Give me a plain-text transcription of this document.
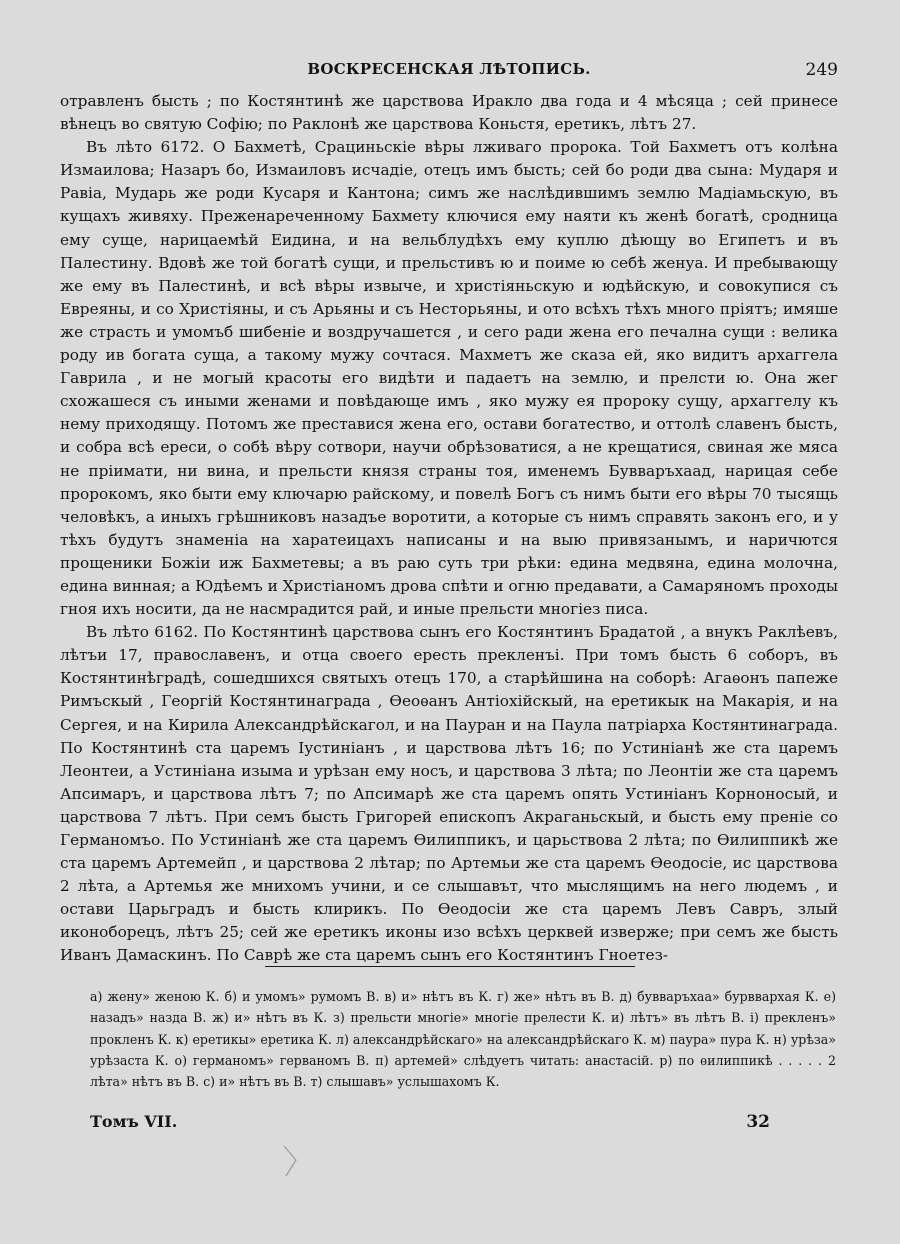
ВОСКРЕСЕНСКАЯ ЛѢТОПИСЬ.	249

отравленъ бысть ; по Костянтинѣ же царствова Иракло два года и 4 мѣсяца ; сей принесе вѣнецъ во святую Софію; по Раклонѣ же царствова Коньстя, еретикъ, лѣтъ 27.

Въ лѣто 6172. О Бахметѣ, Срациньскіе вѣры лживаго пророка. Той Бахметъ отъ колѣна Измаилова; Назаръ бо, Измаиловъ исчадіе, отецъ имъ бысть; сей бо роди два сына: Мударя и Равіа, Мударь же роди Кусаря и Кантона; симъ же наслѣдившимъ землю Мадіамьскую, въ кущахъ живяху. Преженареченному Бахмету ключися ему наяти къ женѣ богатѣ, сродница ему суще, нарицаемѣй Еидина, и на вельблудѣхъ ему куплю дѣющу во Египетъ и въ Палестину. Вдовѣ же той богатѣ сущи, и прельстивъ ю и поиме ю себѣ женуа. И пребывающу же ему въ Палестинѣ, и всѣ вѣры извыче, и христіяньскую и юдѣйскую, и совокупися съ Евреяны, и со Христіяны, и съ Арьяны и съ Несторьяны, и ото всѣхъ тѣхъ много пріятъ; имяше же страсть и умомъб шибеніе и воздручашется , и сего ради жена его печална сущи : велика роду ив богата суща, а такому мужу сочтася. Махметъ же сказа ей, яко видитъ архаггела Гаврила , и не могый красоты его видѣти и падаетъ на землю, и прелсти ю. Она жег схожашеся съ иными женами и повѣдающе имъ , яко мужу ея пророку сущу, архаггелу къ нему приходящу. Потомъ же преставися жена его, остави богатество, и оттолѣ славенъ бысть, и собра всѣ ереси, о собѣ вѣру сотвори, научи обрѣзоватися, а не крещатися, свиная же мяса не пріимати, ни вина, и прельсти князя страны тоя, именемъ Бувваръхаад, нарицая себе пророкомъ, яко быти ему ключарю райскому, и повелѣ Богъ съ нимъ быти его вѣры 70 тысящь человѣкъ, а иныхъ грѣшниковъ назадъе воротити, а которые съ нимъ справять законъ его, и у тѣхъ будутъ знаменіа на харатеицахъ написаны и на выю привязанымъ, и наричются прощеники Божіи иж Бахметевы; а въ раю суть три рѣки: едина медвяна, едина молочна, едина винная; а Юдѣемъ и Христіаномъ дрова спѣти и огню предавати, а Самаряномъ проходы гноя ихъ носити, да не насмрадится рай, и иные прельсти многіез писа.

Въ лѣто 6162. По Костянтинѣ царствова сынъ его Костянтинъ Брадатой , а внукъ Раклѣевъ, лѣтъи 17, православенъ, и отца своего ересть прекленъі. При томъ бысть 6 соборъ, въ Костянтинѣградѣ, сошедшихся святыхъ отецъ 170, а старѣйшина на соборѣ: Агаѳонъ папеже Римъскый , Георгій Костянтинаграда , Ѳеоѳанъ Антіохійскый, на еретикык на Макарія, и на Сергея, и на Кирила Александрѣйскагол, и на Пауран и на Паула патріарха Костянтинаграда. По Костянтинѣ ста царемъ Іустиніанъ , и царствова лѣтъ 16; по Устиніанѣ же ста царемъ Леонтеи, а Устиніана изыма и урѣзан ему носъ, и царствова 3 лѣта; по Леонтіи же ста царемъ Апсимаръ, и царствова лѣтъ 7; по Апсимарѣ же ста царемъ опять Устиніанъ Корноносый, и царствова 7 лѣтъ. При семъ бысть Григорей епископъ Акраганьскый, и бысть ему преніе со Германомъо. По Устиніанѣ же ста царемъ Ѳилиппикъ, и царьствова 2 лѣта; по Ѳилиппикѣ же ста царемъ Артемейп , и царствова 2 лѣтар; по Артемьи же ста царемъ Ѳеодосіе, ис царствова 2 лѣта, а Артемья же мнихомъ учини, и се слышавът, что мыслящимъ на него людемъ , и остави Царьградъ и бысть клирикъ. По Ѳеодосіи же ста царемъ Левъ Савръ, злый иконоборецъ, лѣтъ 25; сей же еретикъ иконы изо всѣхъ церквей изверже; при семъ же бысть Иванъ Дамаскинъ. По Саврѣ же ста царемъ сынъ его Костянтинъ Гноетез-

а) жену» женою К. б) и умомъ» румомъ В. в) и» нѣтъ въ К. г) же» нѣтъ въ В. д) бувваръхаа» бурввархая К. е) назадъ» назда В. ж) и» нѣтъ въ К. з) прельсти многіе» многіе прелести К. и) лѣтъ» въ лѣтъ В. і) прекленъ» прокленъ К. к) еретикы» еретика К. л) александрѣйскаго» на александрѣйскаго К. м) паура» пура К. н) урѣза» урѣзаста К. о) германомъ» герваномъ В. п) артемей» слѣдуетъ читать: анастасій. р) по ѳилиппикѣ . . . . . 2 лѣта» нѣтъ въ В. с) и» нѣтъ въ В. т) слышавъ» услышахомъ К.
Томъ VII.	32
